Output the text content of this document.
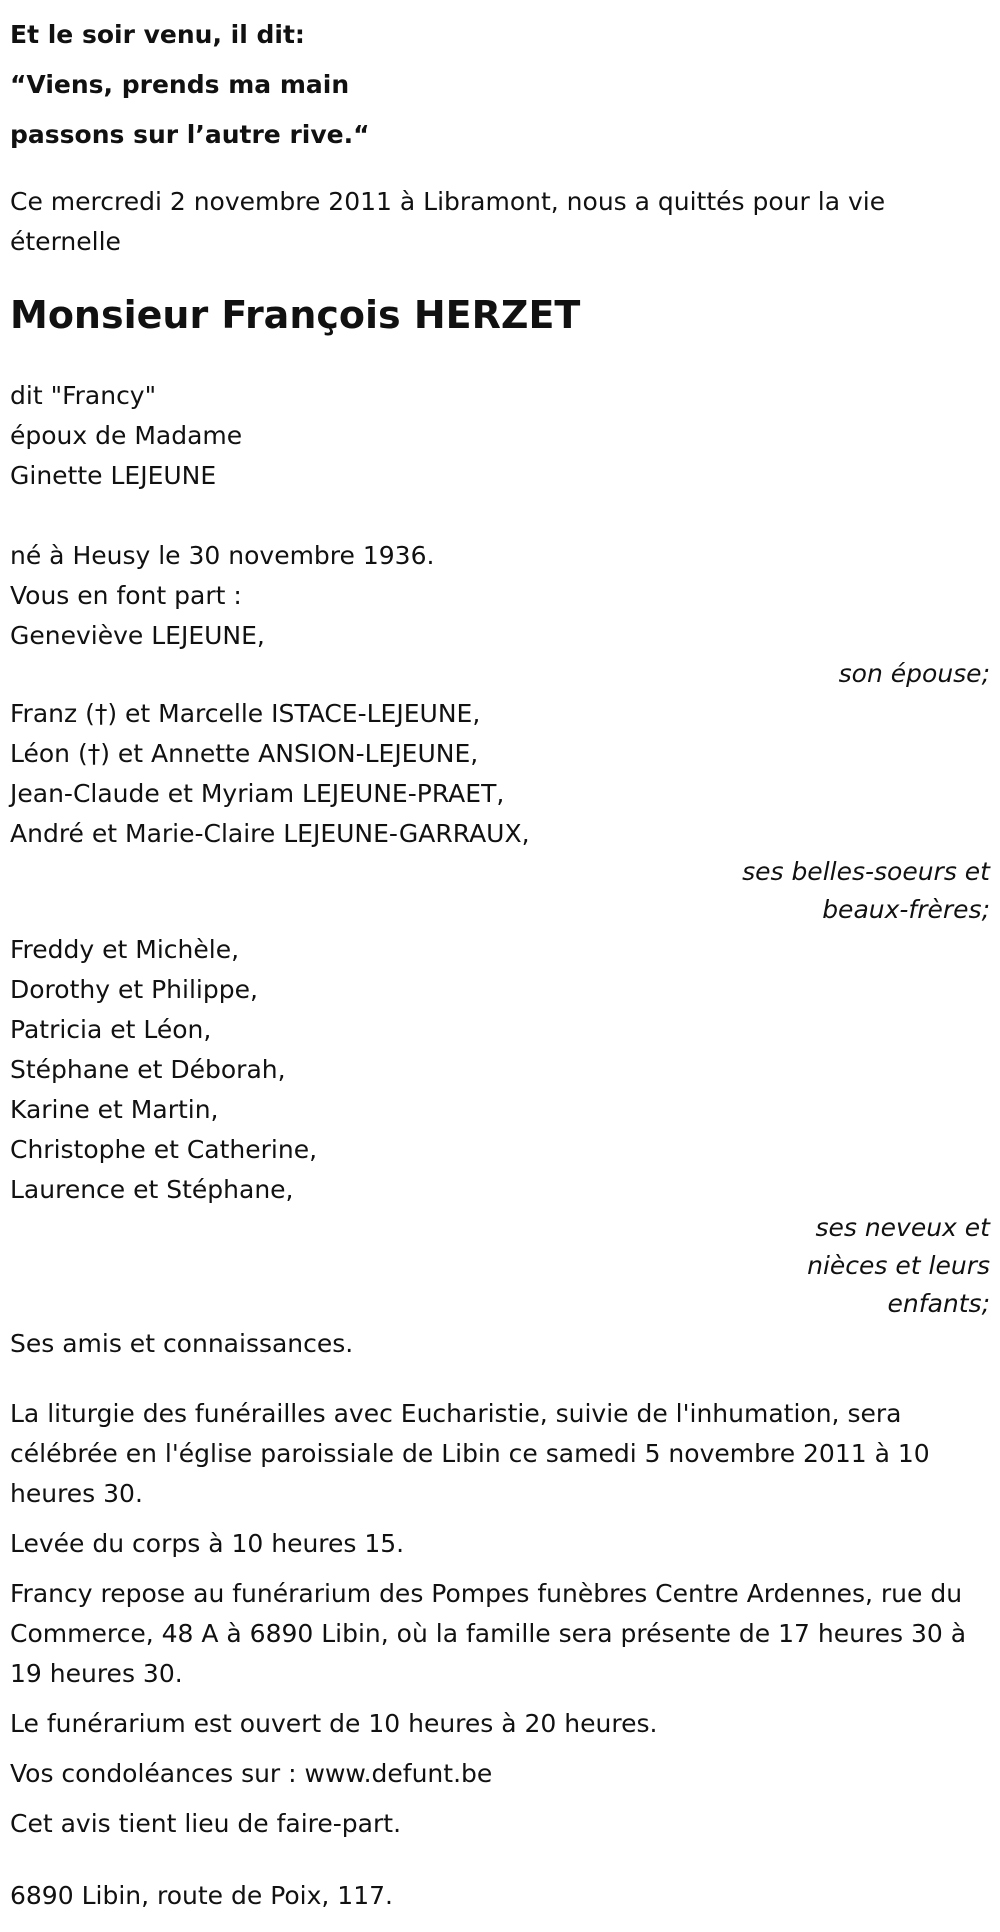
Et le soir venu, il dit:
“Viens, prends ma main
passons sur l’autre rive.“
Ce mercredi 2 novembre 2011 à Libramont, nous a quittés pour la vie éternelle
Monsieur François HERZET
dit "Francy"
époux de Madame
Ginette LEJEUNE
né à Heusy le 30 novembre 1936.
Vous en font part :
Geneviève LEJEUNE,
son épouse;
Franz (†) et Marcelle ISTACE-LEJEUNE,
Léon (†) et Annette ANSION-LEJEUNE,
Jean-Claude et Myriam LEJEUNE-PRAET,
André et Marie-Claire LEJEUNE-GARRAUX,
ses belles-soeurs et
beaux-frères;
Freddy et Michèle,
Dorothy et Philippe,
Patricia et Léon,
Stéphane et Déborah,
Karine et Martin,
Christophe et Catherine,
Laurence et Stéphane,
ses neveux et
nièces et leurs
enfants;
Ses amis et connaissances.
La liturgie des funérailles avec Eucharistie, suivie de l'inhumation, sera célébrée en l'église paroissiale de Libin ce samedi 5 novembre 2011 à 10 heures 30.
Levée du corps à 10 heures 15.
Francy repose au funérarium des Pompes funèbres Centre Ardennes, rue du Commerce, 48 A à 6890 Libin, où la famille sera présente de 17 heures 30 à 19 heures 30.
Le funérarium est ouvert de 10 heures à 20 heures.
Vos condoléances sur : www.defunt.be
Cet avis tient lieu de faire-part.
6890 Libin, route de Poix, 117.
